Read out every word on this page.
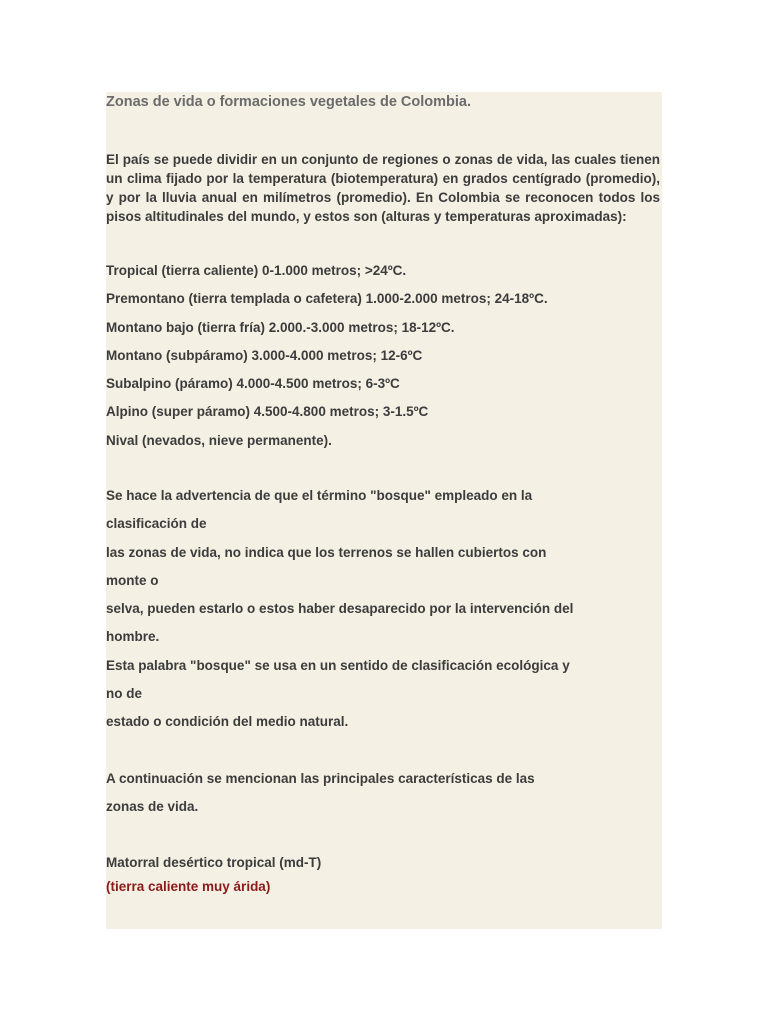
Zonas de vida o formaciones vegetales de Colombia.

El país se puede dividir en un conjunto de regiones o zonas de vida, las cuales tienen un clima fijado por la temperatura (biotemperatura) en grados centígrado (promedio), y por la lluvia anual en milímetros (promedio). En Colombia se reconocen todos los pisos altitudinales del mundo, y estos son (alturas y temperaturas aproximadas):

Tropical (tierra caliente) 0-1.000 metros; >24ºC.
Premontano (tierra templada o cafetera) 1.000-2.000 metros; 24-18ºC.
Montano bajo (tierra fría) 2.000.-3.000 metros; 18-12ºC.
Montano (subpáramo) 3.000-4.000 metros; 12-6ºC
Subalpino (páramo) 4.000-4.500 metros; 6-3ºC
Alpino (super páramo) 4.500-4.800 metros; 3-1.5ºC
Nival (nevados, nieve permanente).
Se hace la advertencia de que el término "bosque" empleado en la
clasificación de
las zonas de vida, no indica que los terrenos se hallen cubiertos con
monte o
selva, pueden estarlo o estos haber desaparecido por la intervención del
hombre.
Esta palabra "bosque" se usa en un sentido de clasificación ecológica y
no de
estado o condición del medio natural.
A continuación se mencionan las principales características de las
zonas de vida.
Matorral desértico tropical (md-T)
(tierra caliente muy árida)
